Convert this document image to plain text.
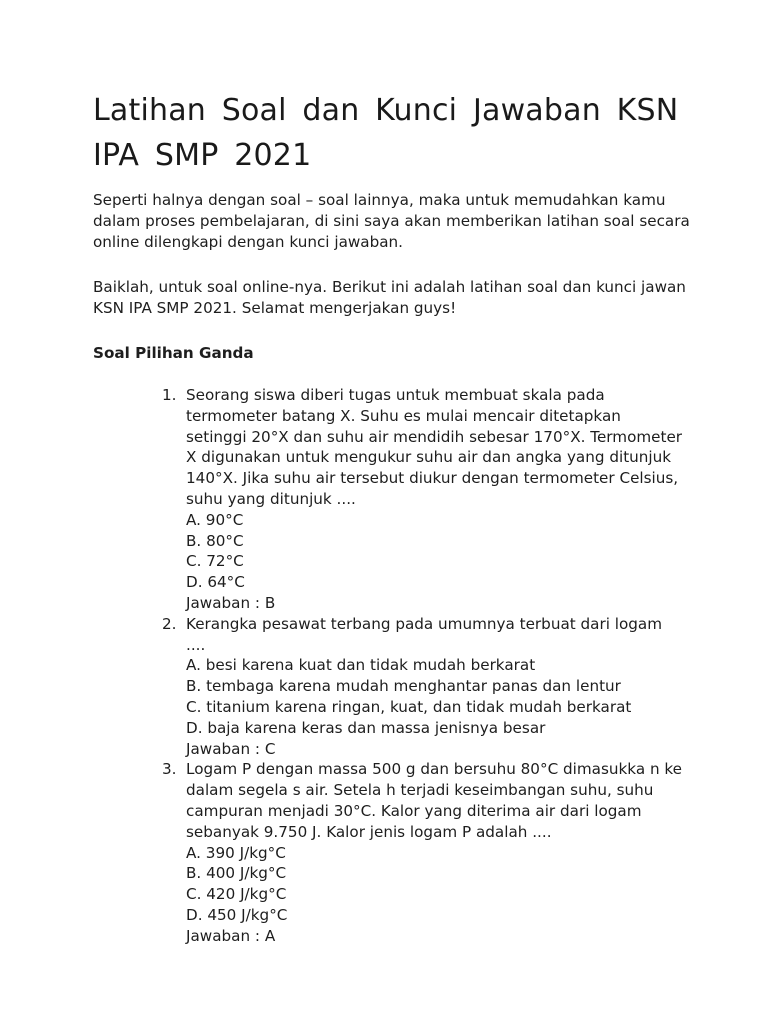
Latihan Soal dan Kunci Jawaban KSN IPA SMP 2021

Seperti halnya dengan soal – soal lainnya, maka untuk memudahkan kamu dalam proses pembelajaran, di sini saya akan memberikan latihan soal secara online dilengkapi dengan kunci jawaban.

Baiklah, untuk soal online-nya. Berikut ini adalah latihan soal dan kunci jawan KSN IPA SMP 2021. Selamat mengerjakan guys!

Soal Pilihan Ganda

1. Seorang siswa diberi tugas untuk membuat skala pada termometer batang X. Suhu es mulai mencair ditetapkan setinggi 20°X dan suhu air mendidih sebesar 170°X. Termometer X digunakan untuk mengukur suhu air dan angka yang ditunjuk 140°X. Jika suhu air tersebut diukur dengan termometer Celsius, suhu yang ditunjuk ....
A. 90°C
B. 80°C
C. 72°C
D. 64°C
Jawaban : B
2. Kerangka pesawat terbang pada umumnya terbuat dari logam ....
A. besi karena kuat dan tidak mudah berkarat
B. tembaga karena mudah menghantar panas dan lentur
C. titanium karena ringan, kuat, dan tidak mudah berkarat
D. baja karena keras dan massa jenisnya besar
Jawaban : C
3. Logam P dengan massa 500 g dan bersuhu 80°C dimasukka n ke dalam segela s air. Setela h terjadi keseimbangan suhu, suhu campuran menjadi 30°C. Kalor yang diterima air dari logam sebanyak 9.750 J. Kalor jenis logam P adalah ....
A. 390 J/kg°C
B. 400 J/kg°C
C. 420 J/kg°C
D. 450 J/kg°C
Jawaban : A
